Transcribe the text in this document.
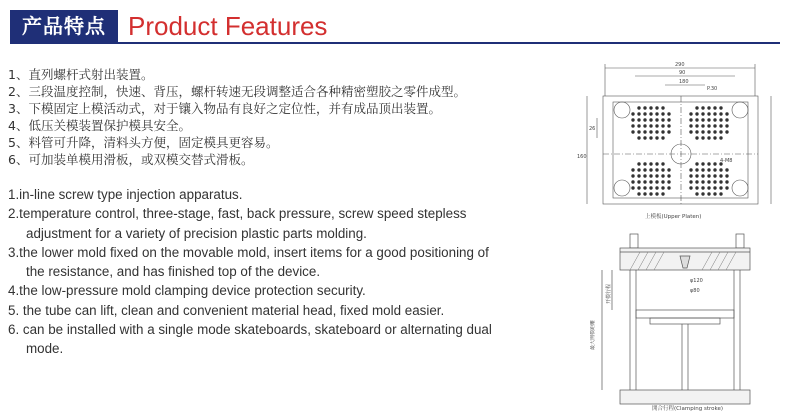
产品特点 Product Features
1、直列螺杆式射出装置。
2、三段温度控制，快速、背压，螺杆转速无段调整适合各种精密塑胶之零件成型。
3、下模固定上模活动式，对于镶入物品有良好之定位性，并有成品顶出装置。
4、低压关模装置保护模具安全。
5、料管可升降，清料头方便，固定模具更容易。
6、可加装单模用滑板，或双模交替式滑板。
1.in-line screw type injection apparatus.
2.temperature control, three-stage, fast, back pressure, screw speed stepless
adjustment for a variety of precision plastic parts molding.
3.the lower mold fixed on the movable mold, insert items for a good positioning of
the resistance, and has finished top of the device.
4.the low-pressure mold clamping device protection security.
5. the tube can lift, clean and convenient material head, fixed mold easier.
6. can be installed with a single mode skateboards, skateboard or alternating dual
mode.
290
90
180
P.30
4-M8
160
26
上模板(Upper Platen)
φ120
φ80
最大開模距離
开模行程
開合行程(Clamping stroke)
